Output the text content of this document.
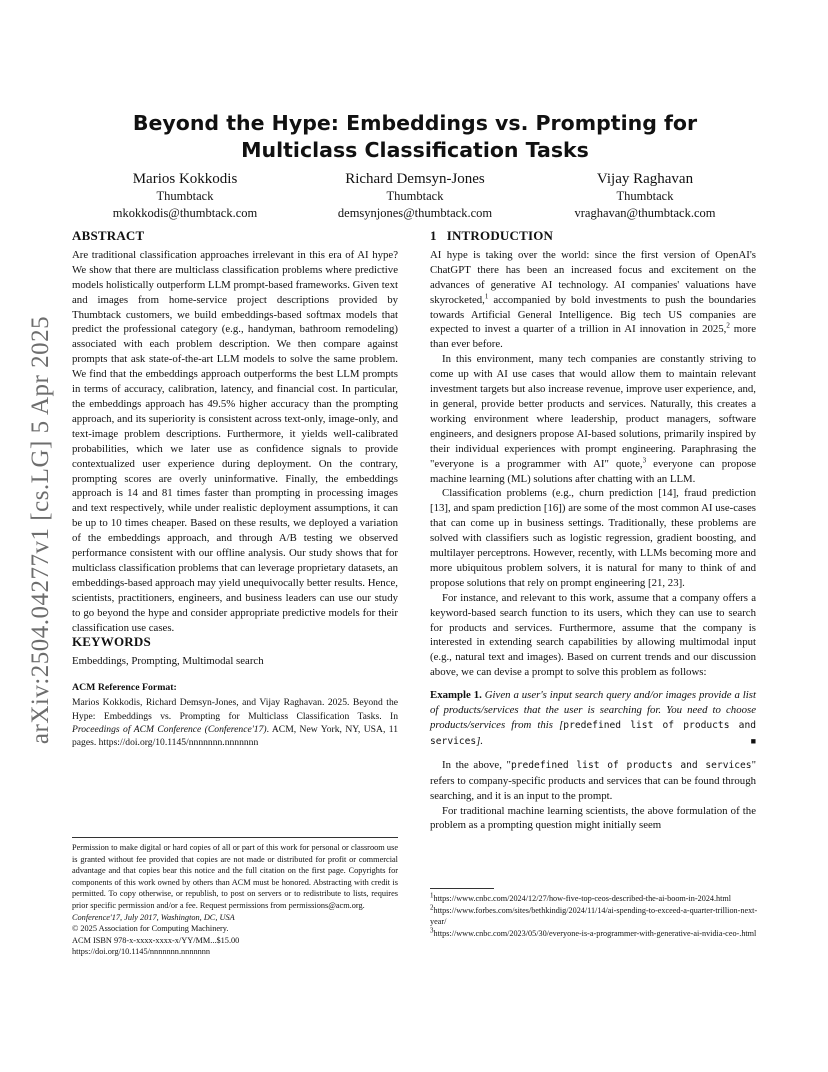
arXiv:2504.04277v1 [cs.LG] 5 Apr 2025
Beyond the Hype: Embeddings vs. Prompting for Multiclass Classification Tasks
Marios Kokkodis
Thumbtack
mkokkodis@thumbtack.com
Richard Demsyn-Jones
Thumbtack
demsynjones@thumbtack.com
Vijay Raghavan
Thumbtack
vraghavan@thumbtack.com
ABSTRACT

Are traditional classification approaches irrelevant in this era of AI hype? We show that there are multiclass classification problems where predictive models holistically outperform LLM prompt-based frameworks. Given text and images from home-service project descriptions provided by Thumbtack customers, we build embeddings-based softmax models that predict the professional category (e.g., handyman, bathroom remodeling) associated with each problem description. We then compare against prompts that ask state-of-the-art LLM models to solve the same problem. We find that the embeddings approach outperforms the best LLM prompts in terms of accuracy, calibration, latency, and financial cost. In particular, the embeddings approach has 49.5% higher accuracy than the prompting approach, and its superiority is consistent across text-only, image-only, and text-image problem descriptions. Furthermore, it yields well-calibrated probabilities, which we later use as confidence signals to provide contextualized user experience during deployment. On the contrary, prompting scores are overly uninformative. Finally, the embeddings approach is 14 and 81 times faster than prompting in processing images and text respectively, while under realistic deployment assumptions, it can be up to 10 times cheaper. Based on these results, we deployed a variation of the embeddings approach, and through A/B testing we observed performance consistent with our offline analysis. Our study shows that for multiclass classification problems that can leverage proprietary datasets, an embeddings-based approach may yield unequivocally better results. Hence, scientists, practitioners, engineers, and business leaders can use our study to go beyond the hype and consider appropriate predictive models for their classification use cases.

KEYWORDS

Embeddings, Prompting, Multimodal search

ACM Reference Format:

Marios Kokkodis, Richard Demsyn-Jones, and Vijay Raghavan. 2025. Beyond the Hype: Embeddings vs. Prompting for Multiclass Classification Tasks. In Proceedings of ACM Conference (Conference'17). ACM, New York, NY, USA, 11 pages. https://doi.org/10.1145/nnnnnnn.nnnnnnn

Permission to make digital or hard copies of all or part of this work for personal or classroom use is granted without fee provided that copies are not made or distributed for profit or commercial advantage and that copies bear this notice and the full citation on the first page. Copyrights for components of this work owned by others than ACM must be honored. Abstracting with credit is permitted. To copy otherwise, or republish, to post on servers or to redistribute to lists, requires prior specific permission and/or a fee. Request permissions from permissions@acm.org.

Conference'17, July 2017, Washington, DC, USA
© 2025 Association for Computing Machinery.
ACM ISBN 978-x-xxxx-xxxx-x/YY/MM...$15.00
https://doi.org/10.1145/nnnnnnn.nnnnnnn
1 INTRODUCTION

AI hype is taking over the world: since the first version of OpenAI's ChatGPT there has been an increased focus and excitement on the advances of generative AI technology. AI companies' valuations have skyrocketed,$^1$ accompanied by bold investments to push the boundaries towards Artificial General Intelligence. Big tech US companies are expected to invest a quarter of a trillion in AI innovation in 2025,$^2$ more than ever before.

In this environment, many tech companies are constantly striving to come up with AI use cases that would allow them to maintain relevant investment targets but also increase revenue, improve user experience, and, in general, provide better products and services. Naturally, this creates a working environment where leadership, product managers, software engineers, and designers propose AI-based solutions, primarily inspired by their individual experiences with prompt engineering. Paraphrasing the "everyone is a programmer with AI" quote,$^3$ everyone can propose machine learning (ML) solutions after chatting with an LLM.

Classification problems (e.g., churn prediction [14], fraud prediction [13], and spam prediction [16]) are some of the most common AI use-cases that can come up in business settings. Traditionally, these problems are solved with classifiers such as logistic regression, gradient boosting, and multilayer perceptrons. However, recently, with LLMs becoming more and more ubiquitous problem solvers, it is natural for many to think of and propose solutions that rely on prompt engineering [21, 23].

For instance, and relevant to this work, assume that a company offers a keyword-based search function to its users, which they can use to search for products and services. Furthermore, assume that the company is interested in extending search capabilities by allowing multimodal input (e.g., natural text and images). Based on current trends and our discussion above, we can devise a prompt to solve this problem as follows:

Example 1. Given a user's input search query and/or images provide a list of products/services that the user is searching for. You need to choose products/services from this [predefined list of products and services].	■

In the above, "predefined list of products and services" refers to company-specific products and services that can be found through searching, and it is an input to the prompt.

For traditional machine learning scientists, the above formulation of the problem as a prompting question might initially seem

$^1$https://www.cnbc.com/2024/12/27/how-five-top-ceos-described-the-ai-boom-in-2024.html
$^2$https://www.forbes.com/sites/bethkindig/2024/11/14/ai-spending-to-exceed-a-quarter-trillion-next-year/
$^3$https://www.cnbc.com/2023/05/30/everyone-is-a-programmer-with-generative-ai-nvidia-ceo-.html
